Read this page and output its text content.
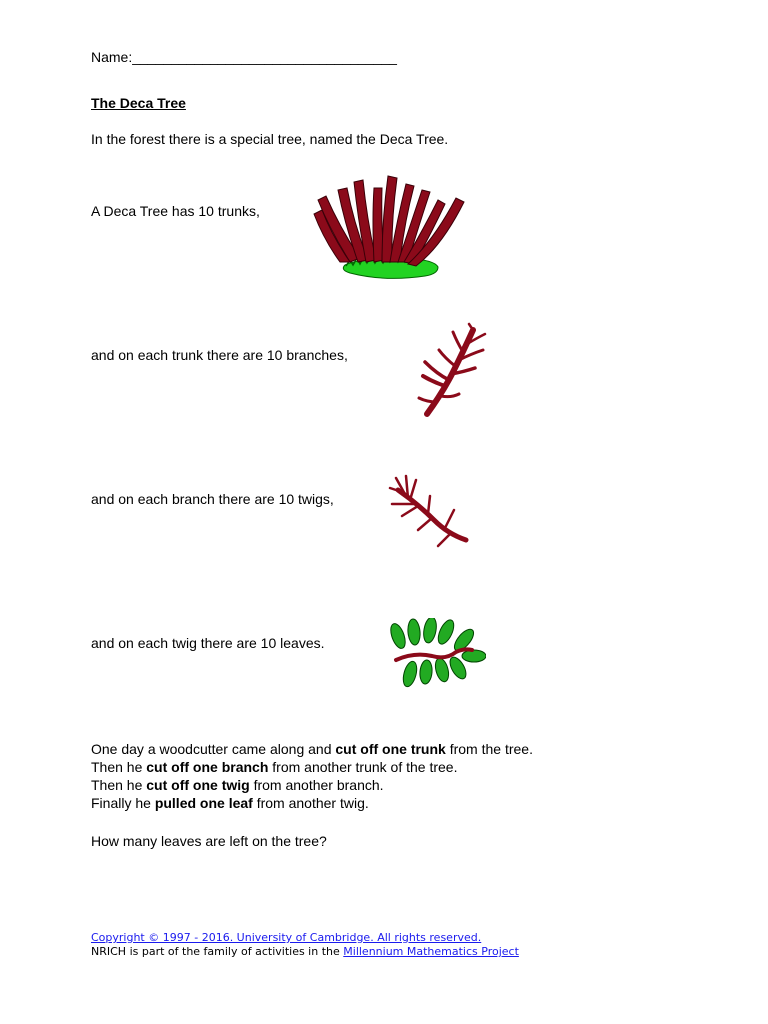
Name:__________________________________
The Deca Tree
In the forest there is a special tree, named the Deca Tree.
A Deca Tree has 10 trunks,
and on each trunk there are 10 branches,
and on each branch there are 10 twigs,
and on each twig there are 10 leaves.
One day a woodcutter came along and cut off one trunk from the tree.
Then he cut off one branch from another trunk of the tree.
Then he cut off one twig from another branch.
Finally he pulled one leaf from another twig.
How many leaves are left on the tree?
Copyright © 1997 - 2016. University of Cambridge. All rights reserved.
NRICH is part of the family of activities in the Millennium Mathematics Project
